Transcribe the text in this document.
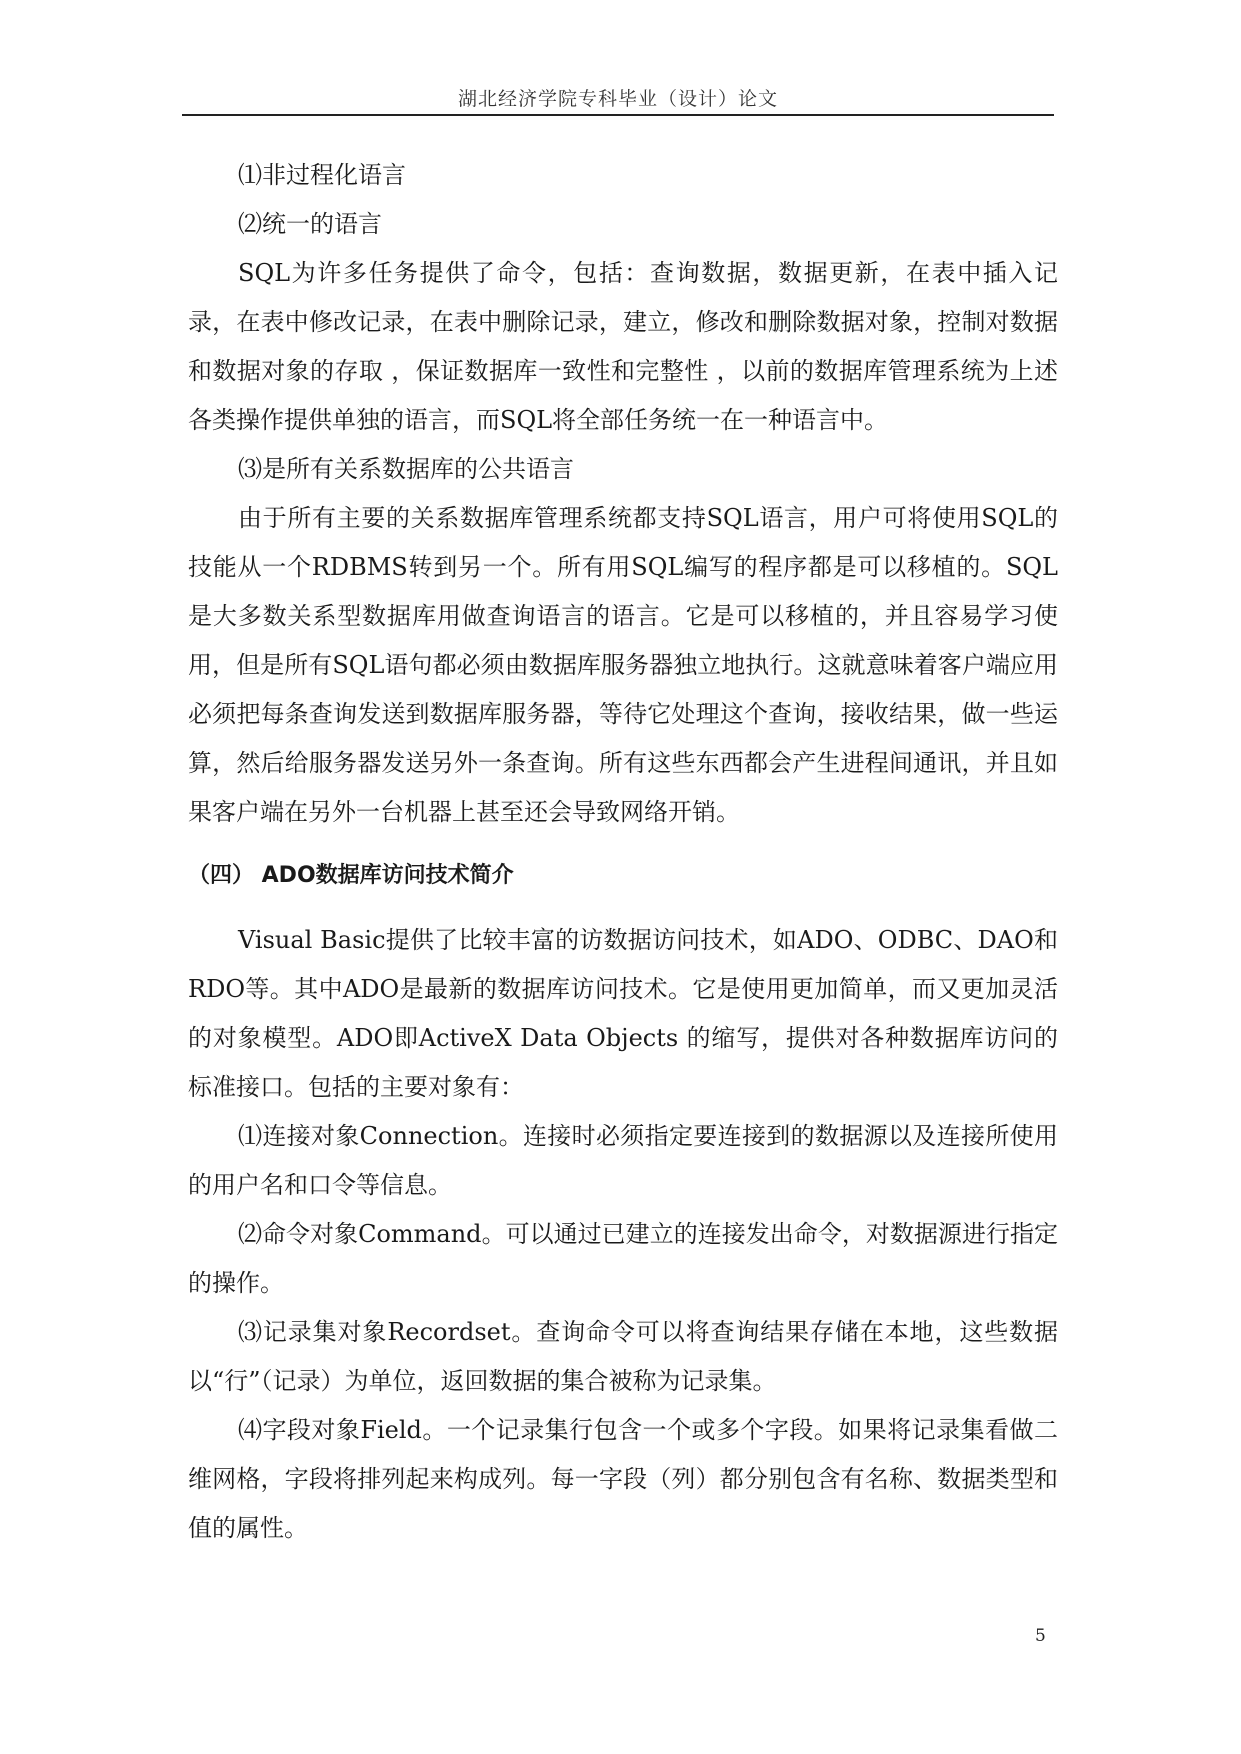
湖北经济学院专科毕业（设计）论文

⑴非过程化语言

⑵统一的语言

SQL为许多任务提供了命令，包括：查询数据，数据更新，在表中插入记录，在表中修改记录，在表中删除记录，建立，修改和删除数据对象，控制对数据和数据对象的存取 ，保证数据库一致性和完整性 ，以前的数据库管理系统为上述各类操作提供单独的语言，而SQL将全部任务统一在一种语言中。

⑶是所有关系数据库的公共语言

由于所有主要的关系数据库管理系统都支持SQL语言，用户可将使用SQL的技能从一个RDBMS转到另一个。所有用SQL编写的程序都是可以移植的。SQL是大多数关系型数据库用做查询语言的语言。它是可以移植的，并且容易学习使用，但是所有SQL语句都必须由数据库服务器独立地执行。这就意味着客户端应用必须把每条查询发送到数据库服务器，等待它处理这个查询，接收结果，做一些运算，然后给服务器发送另外一条查询。所有这些东西都会产生进程间通讯，并且如果客户端在另外一台机器上甚至还会导致网络开销。

（四） ADO数据库访问技术简介

Visual Basic提供了比较丰富的访数据访问技术，如ADO、ODBC、DAO和RDO等。其中ADO是最新的数据库访问技术。它是使用更加简单，而又更加灵活的对象模型。ADO即ActiveX Data Objects 的缩写，提供对各种数据库访问的标准接口。包括的主要对象有：

⑴连接对象Connection。连接时必须指定要连接到的数据源以及连接所使用的用户名和口令等信息。

⑵命令对象Command。可以通过已建立的连接发出命令，对数据源进行指定的操作。

⑶记录集对象Recordset。查询命令可以将查询结果存储在本地，这些数据以“行”（记录）为单位，返回数据的集合被称为记录集。

⑷字段对象Field。一个记录集行包含一个或多个字段。如果将记录集看做二维网格，字段将排列起来构成列。每一字段（列）都分别包含有名称、数据类型和值的属性。

5
